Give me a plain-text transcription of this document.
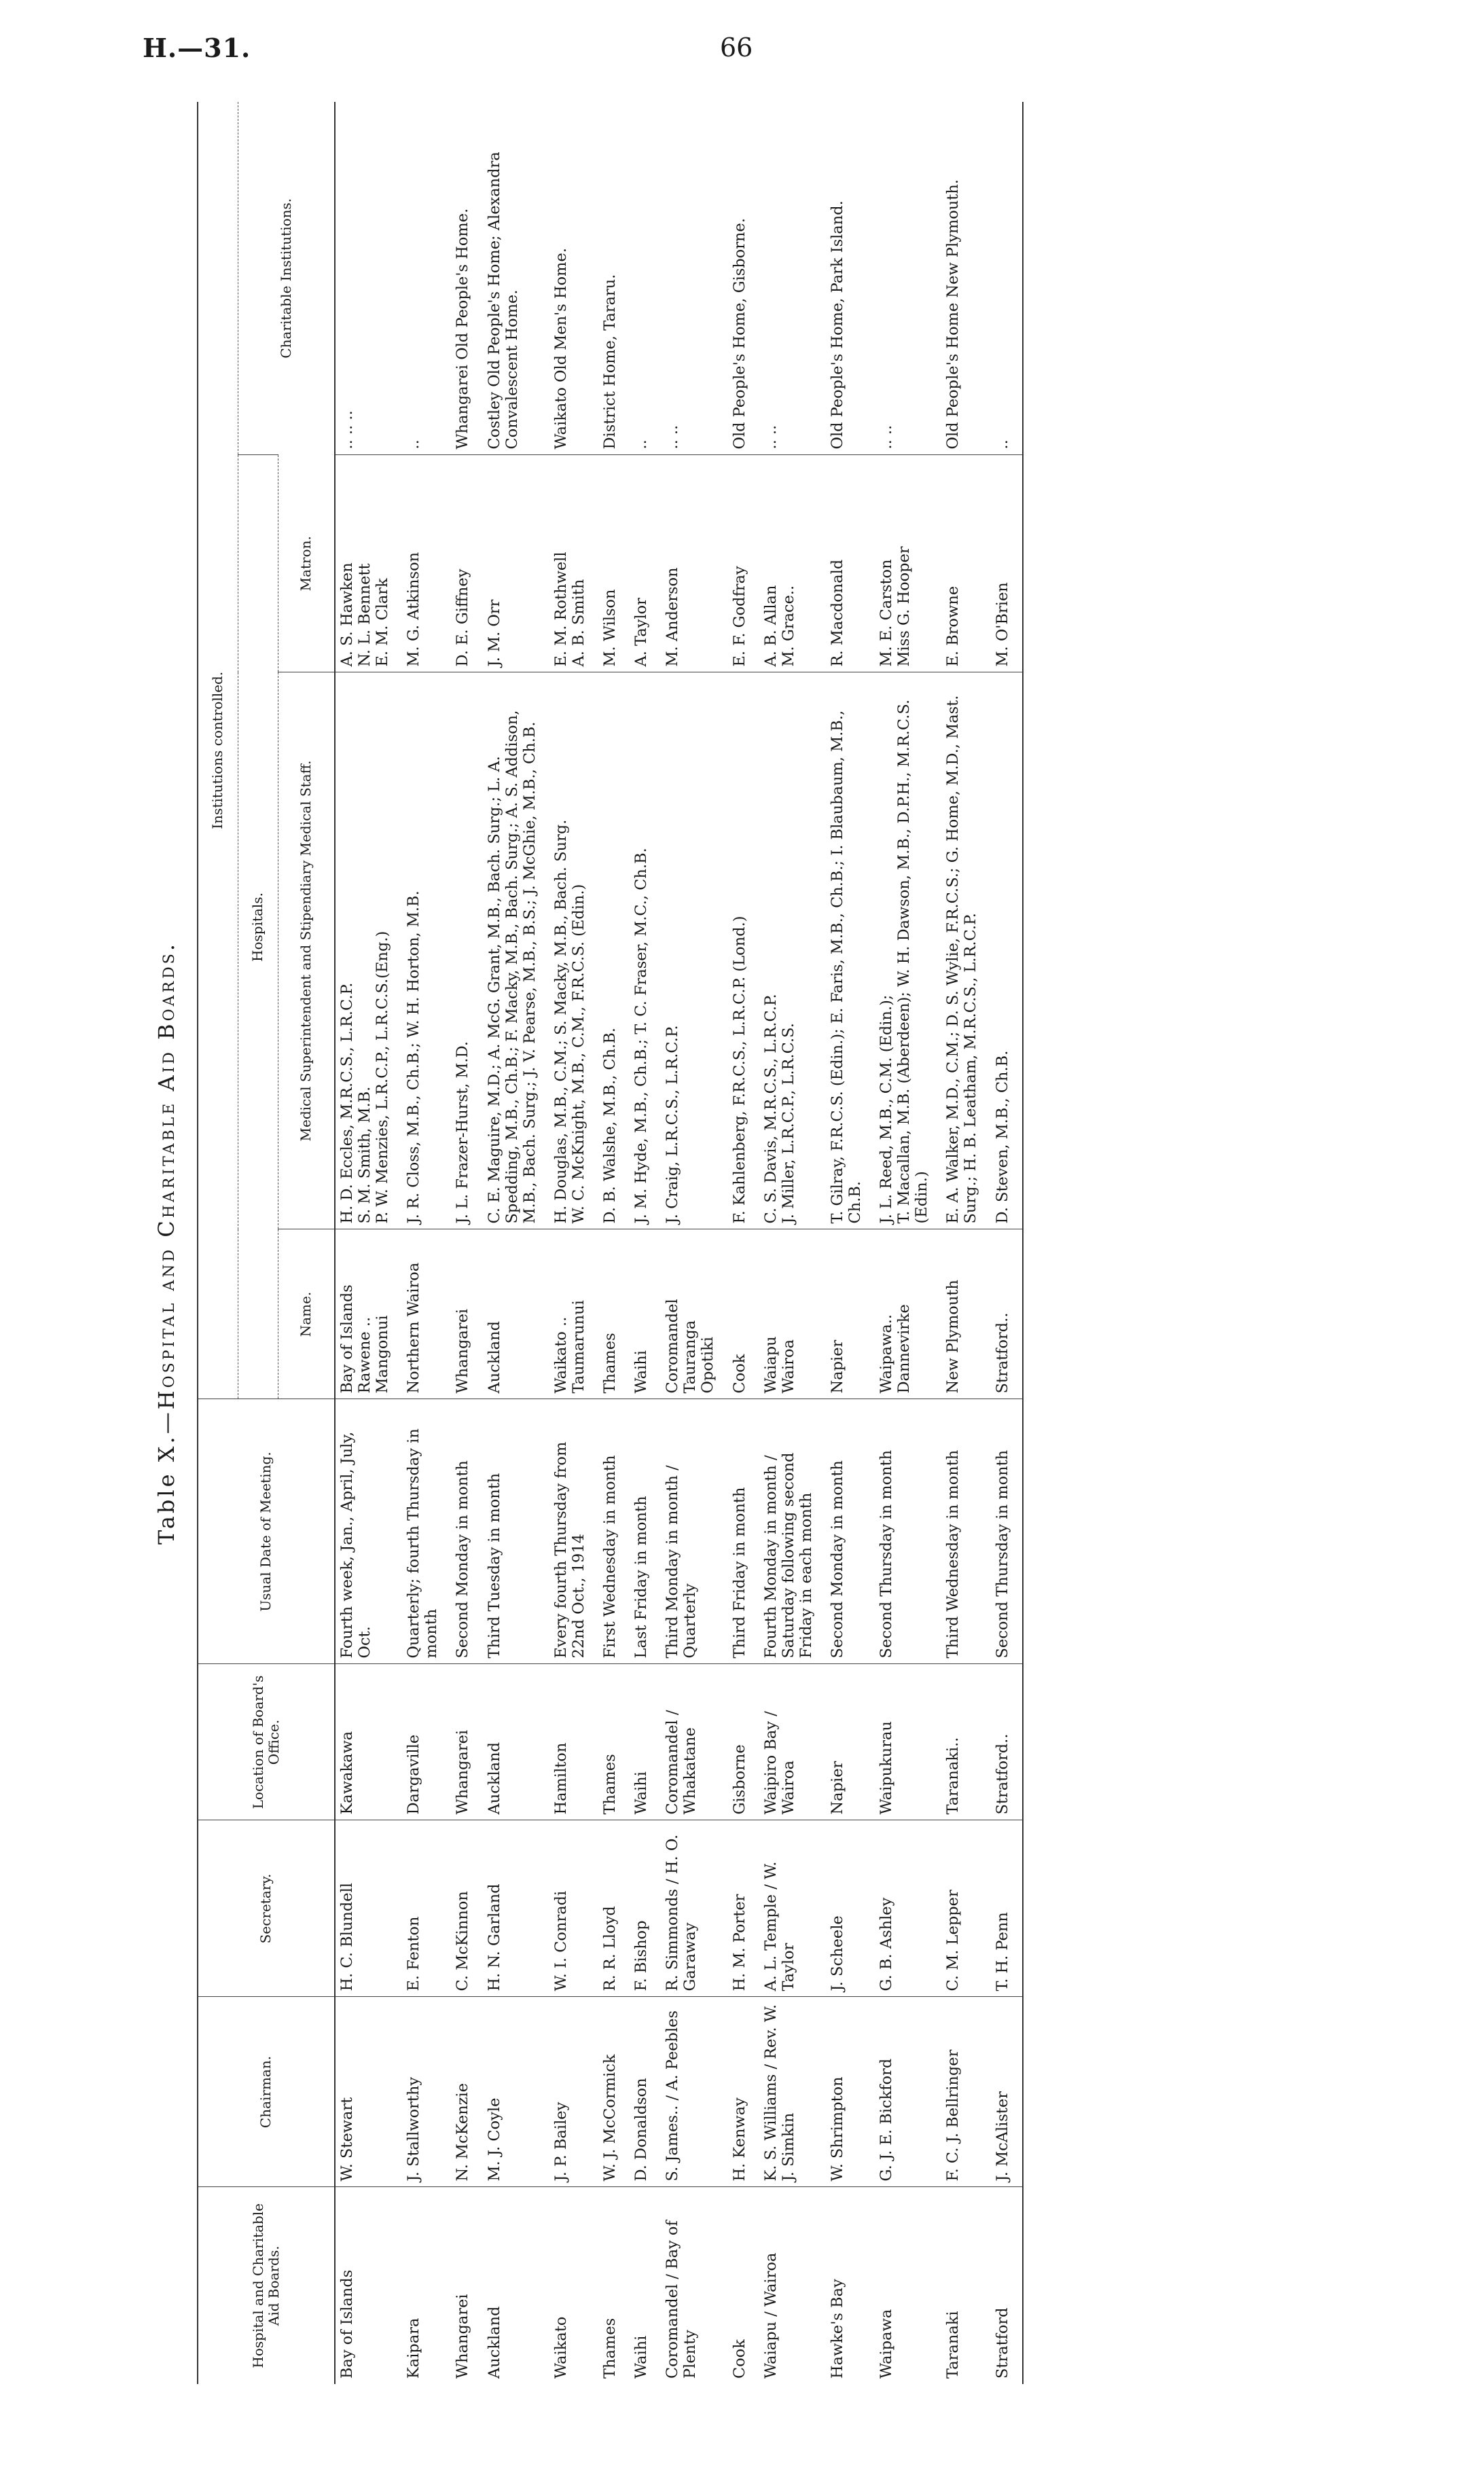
H.—31.	66
Table X.—Hospital and Charitable Aid Boards.
Hospital and Charitable Aid Boards.	Chairman.	Secretary.	Location of Board's Office.	Usual Date of Meeting.	Institutions controlled.			
					Hospitals.			Charitable Institutions.
					Name.	Medical Superintendent and Stipendiary Medical Staff.	Matron.	

Bay of Islands	W. Stewart	H. C. Blundell	Kawakawa	Fourth week, Jan., April, July, Oct.	Bay of Islands Rawene .. Mangonui	H. D. Eccles, M.R.C.S., L.R.C.P. S. M. Smith, M.B. P. W. Menzies, L.R.C.P., L.R.C.S.(Eng.)	A. S. Hawken N. L. Bennett E. M. Clark	.. .. ..

Kaipara	J. Stallworthy	E. Fenton	Dargaville	Quarterly; fourth Thursday in month	Northern Wairoa	J. R. Closs, M.B., Ch.B.; W. H. Horton, M.B.	M. G. Atkinson	..

Whangarei	N. McKenzie	C. McKinnon	Whangarei	Second Monday in month	Whangarei	J. L. Frazer-Hurst, M.D.	D. E. Giffney	Whangarei Old People's Home.

Auckland	M. J. Coyle	H. N. Garland	Auckland	Third Tuesday in month	Auckland	C. E. Maguire, M.D.; A. McG. Grant, M.B., Bach. Surg.; L. A. Spedding, M.B., Ch.B.; F. Macky, M.B., Bach. Surg.; A. S. Addison, M.B., Bach. Surg.; J. V. Pearse, M.B., B.S.; J. McGhie, M.B., Ch.B.	J. M. Orr	Costley Old People's Home; Alexandra Convalescent Home.

Waikato	J. P. Bailey	W. I. Conradi	Hamilton	Every fourth Thursday from 22nd Oct., 1914	Waikato .. Taumarunui	H. Douglas, M.B., C.M.; S. Macky, M.B., Bach. Surg. W. C. McKnight, M.B., C.M., F.R.C.S. (Edin.)	E. M. Rothwell A. B. Smith	Waikato Old Men's Home.

Thames	W. J. McCormick	R. R. Lloyd	Thames	First Wednesday in month	Thames	D. B. Walshe, M.B., Ch.B.	M. Wilson	District Home, Tararu.

Waihi	D. Donaldson	F. Bishop	Waihi	Last Friday in month	Waihi	J. M. Hyde, M.B., Ch.B.; T. C. Fraser, M.C., Ch.B.	A. Taylor	..

Coromandel / Bay of Plenty	S. James.. / A. Peebles	R. Simmonds / H. O. Garaway	Coromandel / Whakatane	Third Monday in month / Quarterly	Coromandel Tauranga Opotiki	J. Craig, L.R.C.S., L.R.C.P.	M. Anderson	.. ..

Cook	H. Kenway	H. M. Porter	Gisborne	Third Friday in month	Cook	F. Kahlenberg, F.R.C.S., L.R.C.P. (Lond.)	E. F. Godfray	Old People's Home, Gisborne.

Waiapu / Wairoa	K. S. Williams / Rev. W. J. Simkin	A. L. Temple / W. Taylor	Waipiro Bay / Wairoa	Fourth Monday in month / Saturday following second Friday in each month	Waiapu Wairoa	C. S. Davis, M.R.C.S., L.R.C.P. J. Miller, L.R.C.P., L.R.C.S.	A. B. Allan M. Grace..	.. ..

Hawke's Bay	W. Shrimpton	J. Scheele	Napier	Second Monday in month	Napier	T. Gilray, F.R.C.S. (Edin.); E. Faris, M.B., Ch.B.; I. Blaubaum, M.B., Ch.B.	R. Macdonald	Old People's Home, Park Island.

Waipawa	G. J. E. Bickford	G. B. Ashley	Waipukurau	Second Thursday in month	Waipawa.. Dannevirke	J. L. Reed, M.B., C.M. (Edin.); T. Macallan, M.B. (Aberdeen); W. H. Dawson, M.B., D.P.H., M.R.C.S. (Edin.)	M. E. Carston Miss G. Hooper	.. ..

Taranaki	F. C. J. Bellringer	C. M. Lepper	Taranaki..	Third Wednesday in month	New Plymouth	E. A. Walker, M.D., C.M.; D. S. Wylie, F.R.C.S.; G. Home, M.D., Mast. Surg.; H. B. Leatham, M.R.C.S., L.R.C.P.	E. Browne	Old People's Home New Plymouth.

Stratford	J. McAlister	T. H. Penn	Stratford..	Second Thursday in month	Stratford..	D. Steven, M.B., Ch.B.	M. O'Brien	..
